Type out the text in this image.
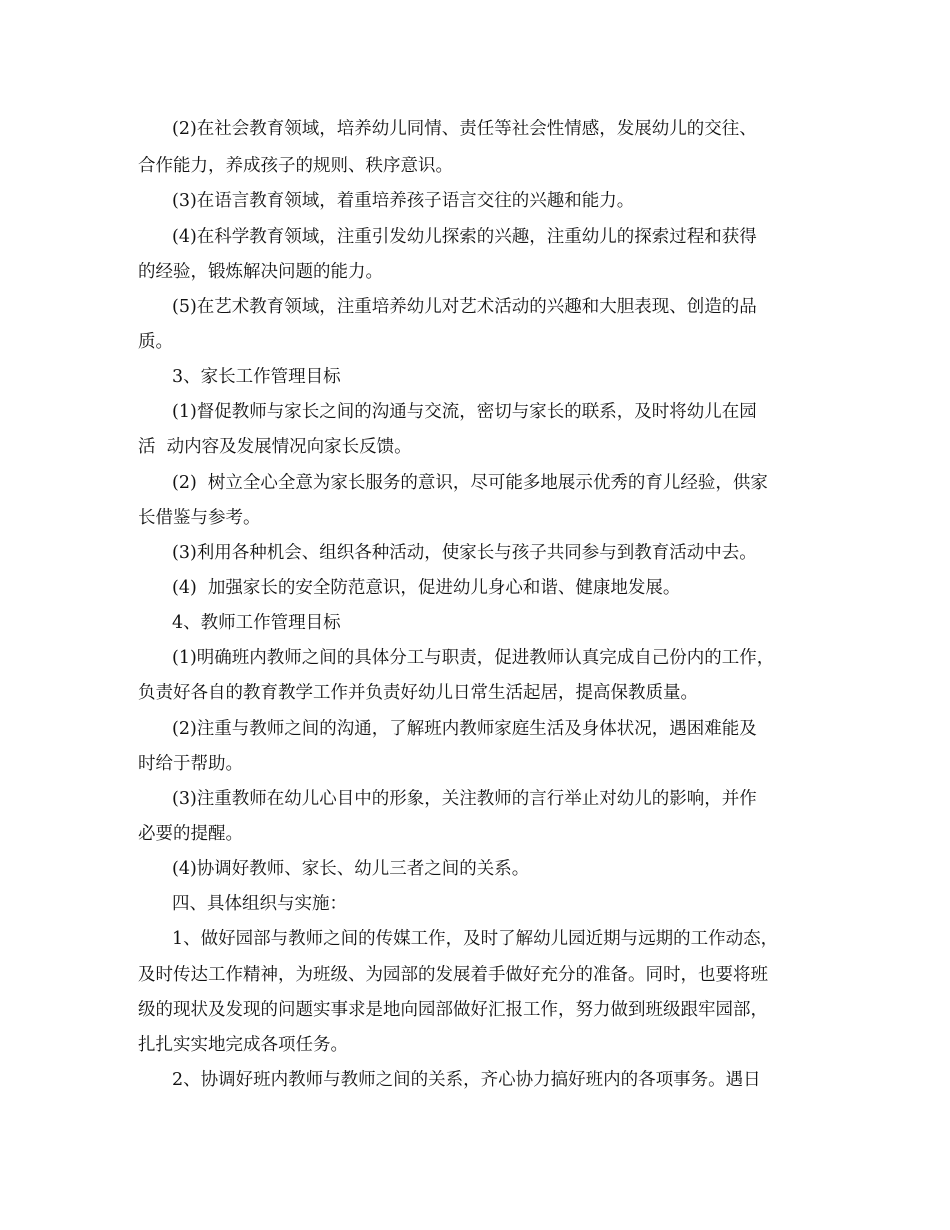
(2)在社会教育领域，培养幼儿同情、责任等社会性情感，发展幼儿的交往、
合作能力，养成孩子的规则、秩序意识。
(3)在语言教育领域，着重培养孩子语言交往的兴趣和能力。
(4)在科学教育领域，注重引发幼儿探索的兴趣，注重幼儿的探索过程和获得
的经验，锻炼解决问题的能力。
(5)在艺术教育领域，注重培养幼儿对艺术活动的兴趣和大胆表现、创造的品
质。
3、家长工作管理目标
(1)督促教师与家长之间的沟通与交流，密切与家长的联系，及时将幼儿在园
活  动内容及发展情况向家长反馈。
(2)  树立全心全意为家长服务的意识，尽可能多地展示优秀的育儿经验，供家
长借鉴与参考。
(3)利用各种机会、组织各种活动，使家长与孩子共同参与到教育活动中去。
(4)  加强家长的安全防范意识，促进幼儿身心和谐、健康地发展。
4、教师工作管理目标
(1)明确班内教师之间的具体分工与职责，促进教师认真完成自己份内的工作，
负责好各自的教育教学工作并负责好幼儿日常生活起居，提高保教质量。
(2)注重与教师之间的沟通，了解班内教师家庭生活及身体状况，遇困难能及
时给于帮助。
(3)注重教师在幼儿心目中的形象，关注教师的言行举止对幼儿的影响，并作
必要的提醒。
(4)协调好教师、家长、幼儿三者之间的关系。
四、具体组织与实施：
1、做好园部与教师之间的传媒工作，及时了解幼儿园近期与远期的工作动态，
及时传达工作精神，为班级、为园部的发展着手做好充分的准备。同时，也要将班
级的现状及发现的问题实事求是地向园部做好汇报工作，努力做到班级跟牢园部，
扎扎实实地完成各项任务。
2、协调好班内教师与教师之间的关系，齐心协力搞好班内的各项事务。遇日
